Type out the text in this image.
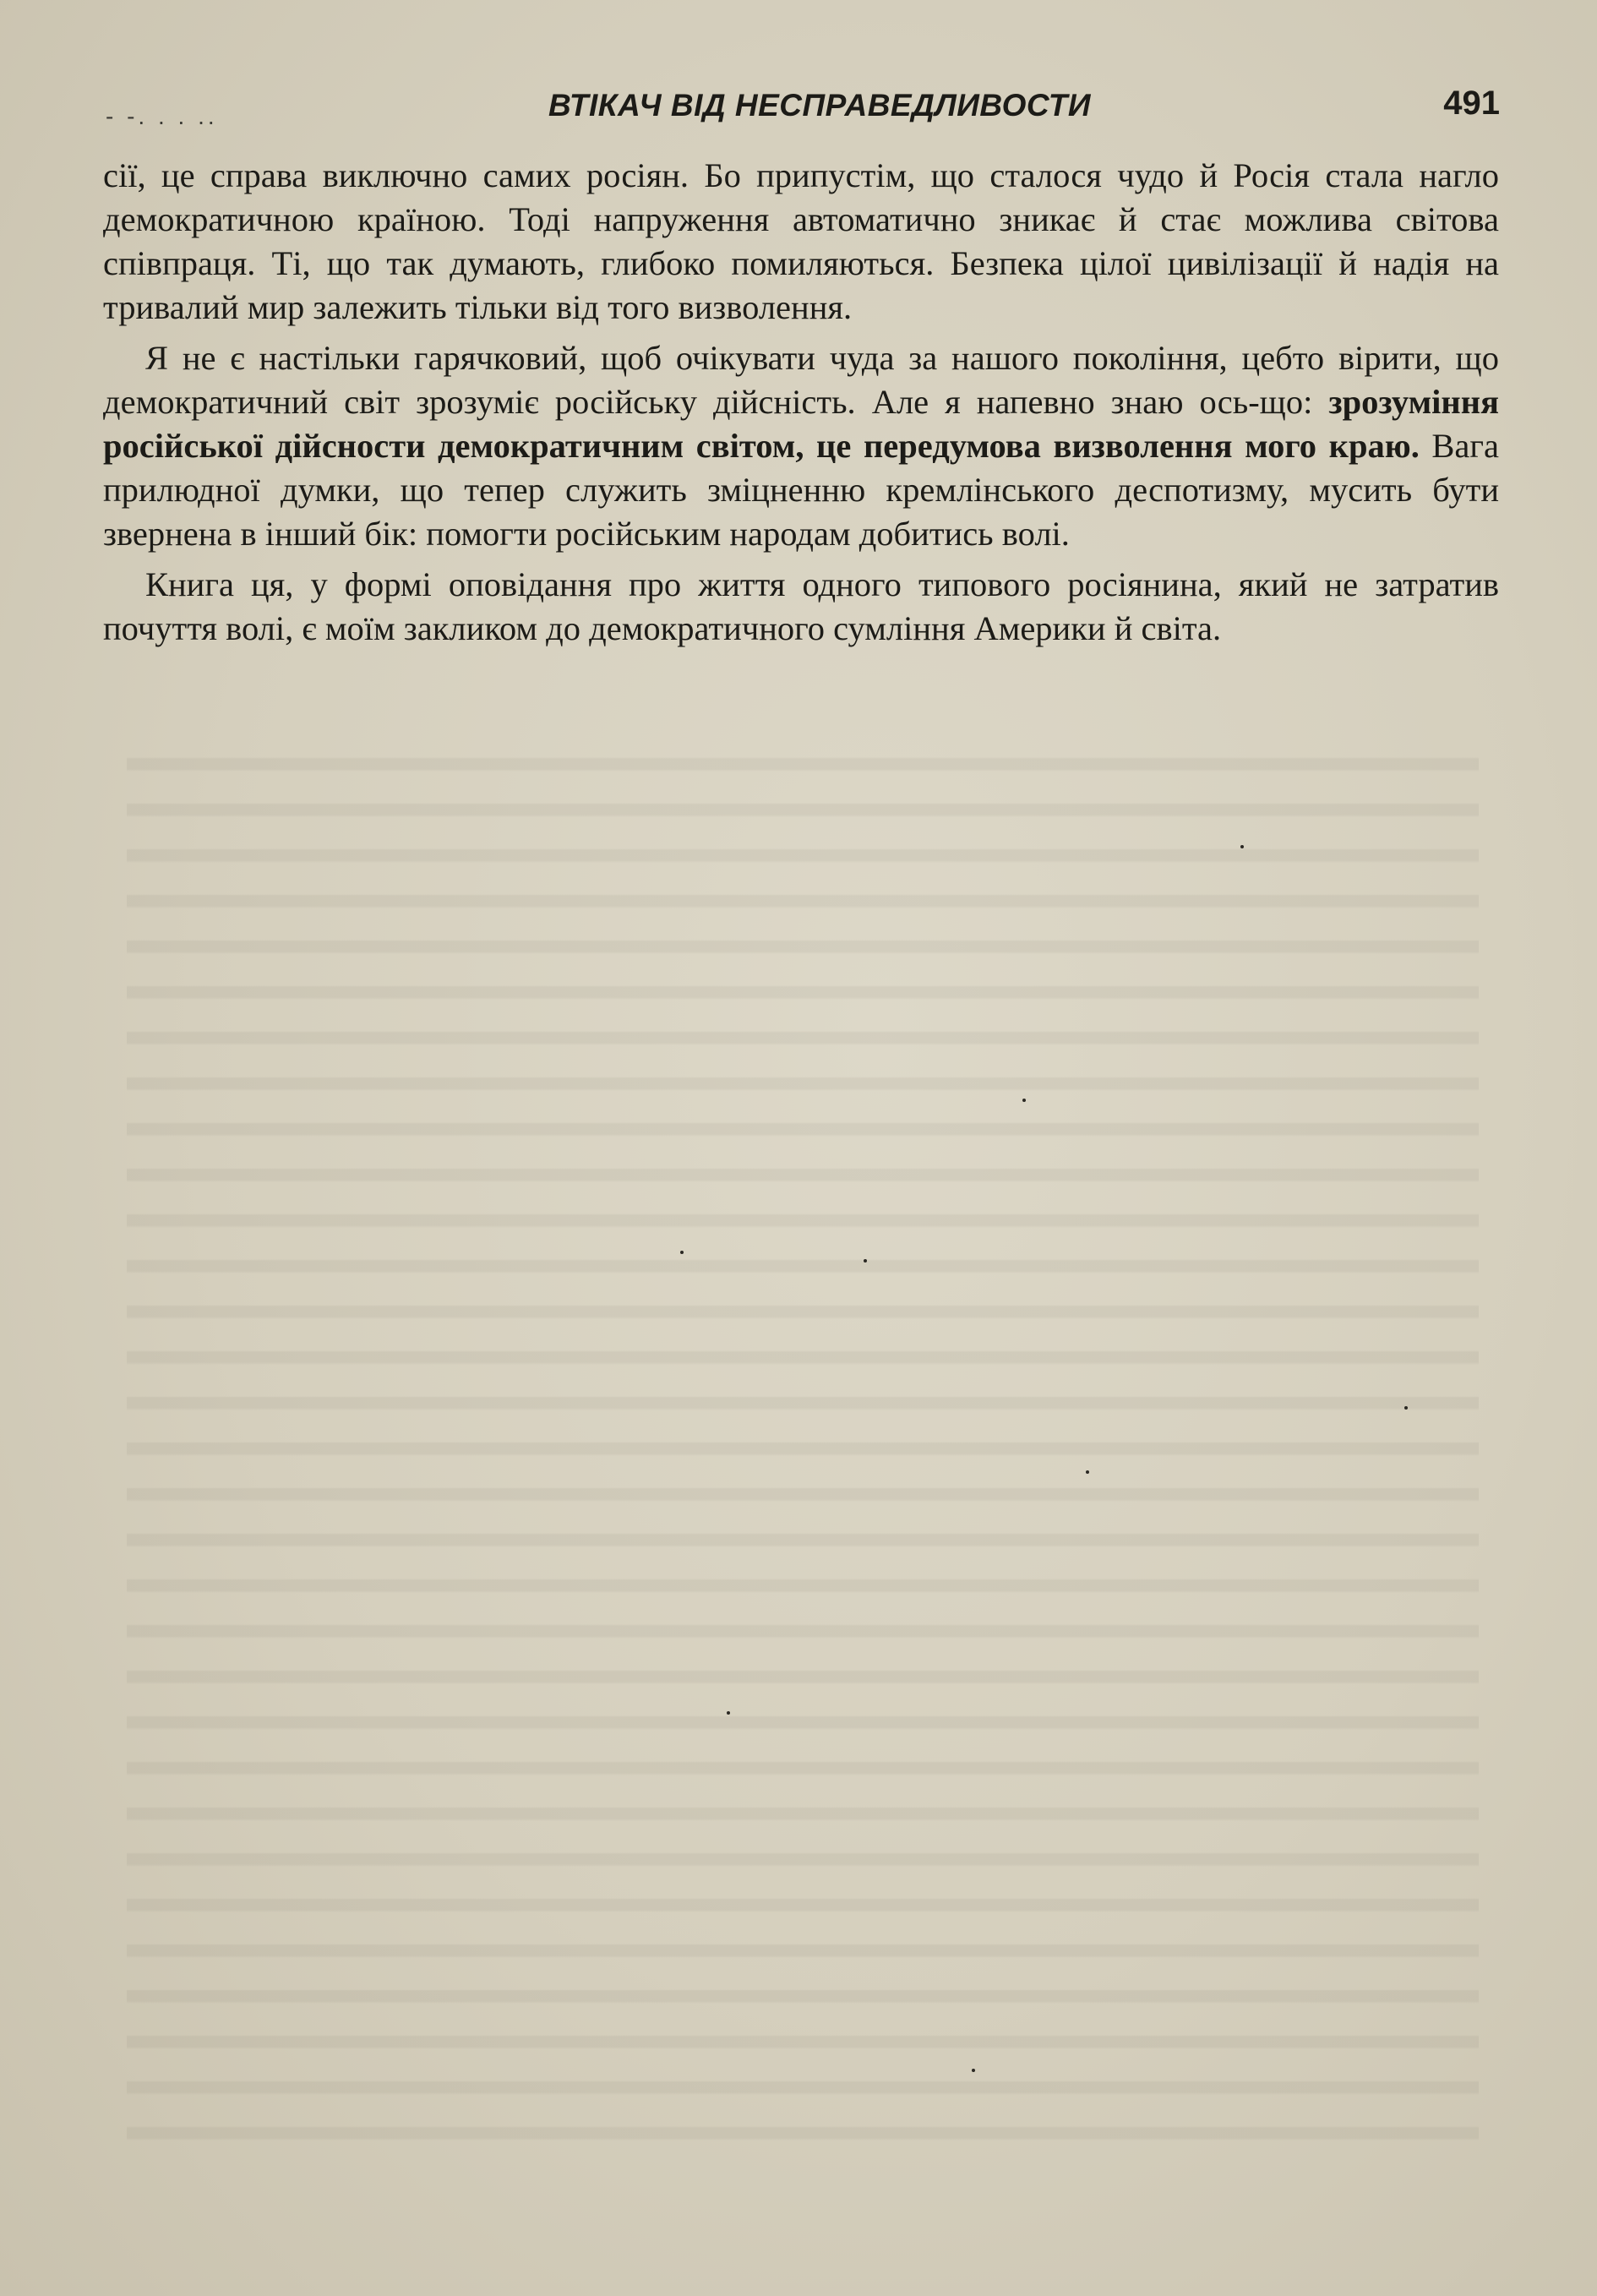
- -. . . ..	ВТІКАЧ ВІД НЕСПРАВЕДЛИВОСТИ	491

сії, це справа виключно самих росіян. Бо припустім, що сталося чудо й Росія стала нагло демократичною країною. Тоді напруження автоматично зникає й стає можлива світова співпраця. Ті, що так думають, глибоко помиляються. Безпека цілої цивілізації й надія на тривалий мир залежить тільки від того визволення.

Я не є настільки гарячковий, щоб очікувати чуда за нашого покоління, цебто вірити, що демократичний світ зрозуміє російську дійсність. Але я напевно знаю ось-що: зрозуміння російської дійсности демократичним світом, це передумова визволення мого краю. Вага прилюдної думки, що тепер служить зміцненню кремлінського деспотизму, мусить бути звернена в інший бік: помогти російським народам добитись волі.

Книга ця, у формі оповідання про життя одного типового росіянина, який не затратив почуття волі, є моїм закликом до демократичного сумління Америки й світа.
